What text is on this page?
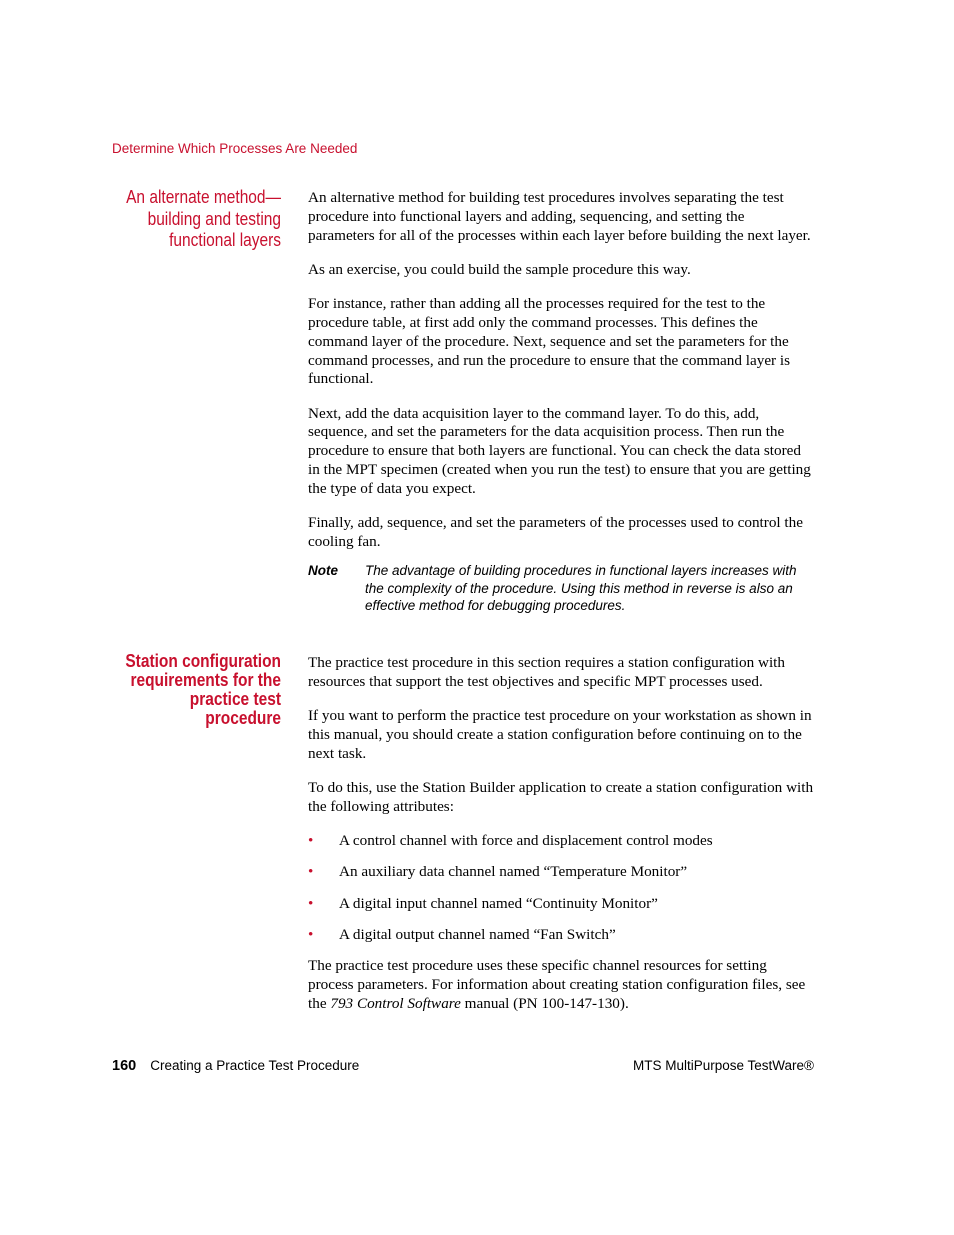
Determine Which Processes Are Needed
An alternate method—
building and testing
functional layers

An alternative method for building test procedures involves separating the test procedure into functional layers and adding, sequencing, and setting the parameters for all of the processes within each layer before building the next layer.

As an exercise, you could build the sample procedure this way.

For instance, rather than adding all the processes required for the test to the procedure table, at first add only the command processes. This defines the command layer of the procedure. Next, sequence and set the parameters for the command processes, and run the procedure to ensure that the command layer is functional.

Next, add the data acquisition layer to the command layer. To do this, add, sequence, and set the parameters for the data acquisition process. Then run the procedure to ensure that both layers are functional. You can check the data stored in the MPT specimen (created when you run the test) to ensure that you are getting the type of data you expect.

Finally, add, sequence, and set the parameters of the processes used to control the cooling fan.

Note	The advantage of building procedures in functional layers increases with the complexity of the procedure. Using this method in reverse is also an effective method for debugging procedures.
Station configuration
requirements for the
practice test
procedure

The practice test procedure in this section requires a station configuration with resources that support the test objectives and specific MPT processes used.

If you want to perform the practice test procedure on your workstation as shown in this manual, you should create a station configuration before continuing on to the next task.

To do this, use the Station Builder application to create a station configuration with the following attributes:

•	A control channel with force and displacement control modes
•	An auxiliary data channel named “Temperature Monitor”
•	A digital input channel named “Continuity Monitor”
•	A digital output channel named “Fan Switch”

The practice test procedure uses these specific channel resources for setting process parameters. For information about creating station configuration files, see the 793 Control Software manual (PN 100-147-130).

160 Creating a Practice Test Procedure	MTS MultiPurpose TestWare®
